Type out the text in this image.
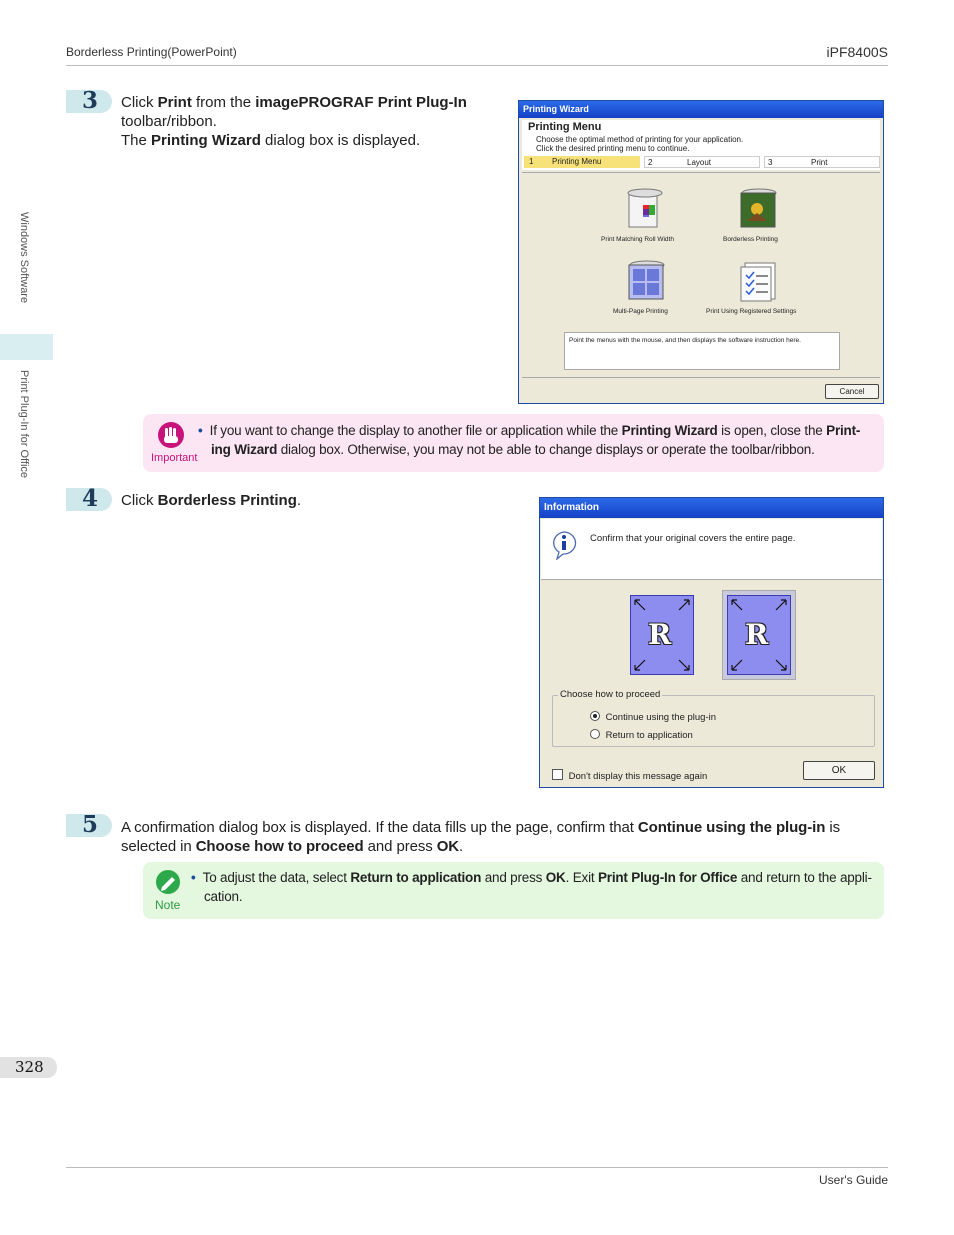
Borderless Printing(PowerPoint)	iPF8400S
Windows Software
Print Plug-In for Office
3 Click Print from the imagePROGRAF Print Plug-In
toolbar/ribbon.
The Printing Wizard dialog box is displayed.
Printing Wizard
Printing Menu
Choose the optimal method of printing for your application.
Click the desired printing menu to continue.
1 Printing Menu	2	Layout	3	Print
Print Matching Roll Width	Borderless Printing
Multi-Page Printing	Print Using Registered Settings
Point the menus with the mouse, and then displays the software instruction here.
Cancel
Important
• If you want to change the display to another file or application while the Printing Wizard is open, close the Print-
ing Wizard dialog box. Otherwise, you may not be able to change displays or operate the toolbar/ribbon.
4 Click Borderless Printing.	Information
Confirm that your original covers the entire page.
R	R
Choose how to proceed
Continue using the plug-in
Return to application
Don't display this message again
OK
5 A confirmation dialog box is displayed. If the data fills up the page, confirm that Continue using the plug-in is
selected in Choose how to proceed and press OK.
Note
• To adjust the data, select Return to application and press OK. Exit Print Plug-In for Office and return to the appli-
cation.
328
User's Guide
